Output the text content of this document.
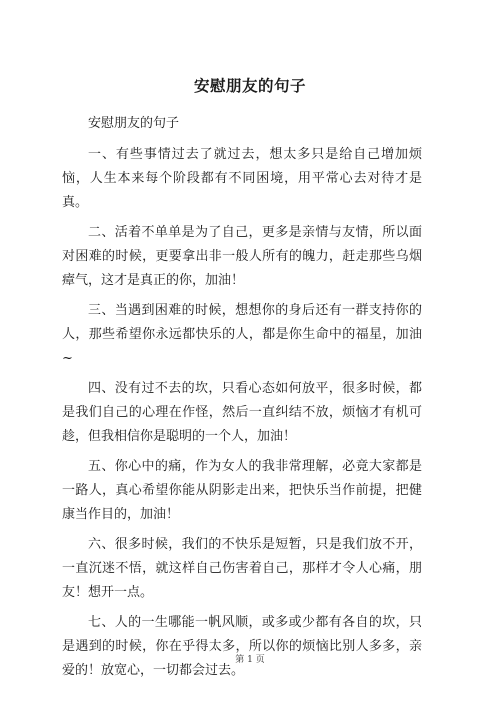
安慰朋友的句子

安慰朋友的句子

一、有些事情过去了就过去，想太多只是给自己增加烦恼，人生本来每个阶段都有不同困境，用平常心去对待才是真。

二、活着不单单是为了自己，更多是亲情与友情，所以面对困难的时候，更要拿出非一般人所有的魄力，赶走那些乌烟瘴气，这才是真正的你，加油！

三、当遇到困难的时候，想想你的身后还有一群支持你的人，那些希望你永远都快乐的人，都是你生命中的福星，加油~

四、没有过不去的坎，只看心态如何放平，很多时候，都是我们自己的心理在作怪，然后一直纠结不放，烦恼才有机可趁，但我相信你是聪明的一个人，加油！

五、你心中的痛，作为女人的我非常理解，必竟大家都是一路人，真心希望你能从阴影走出来，把快乐当作前提，把健康当作目的，加油！

六、很多时候，我们的不快乐是短暂，只是我们放不开，一直沉迷不悟，就这样自己伤害着自己，那样才令人心痛，朋友！想开一点。

七、人的一生哪能一帆风顺，或多或少都有各自的坎，只是遇到的时候，你在乎得太多，所以你的烦恼比别人多多，亲爱的！放宽心，一切都会过去。

第 1 页
